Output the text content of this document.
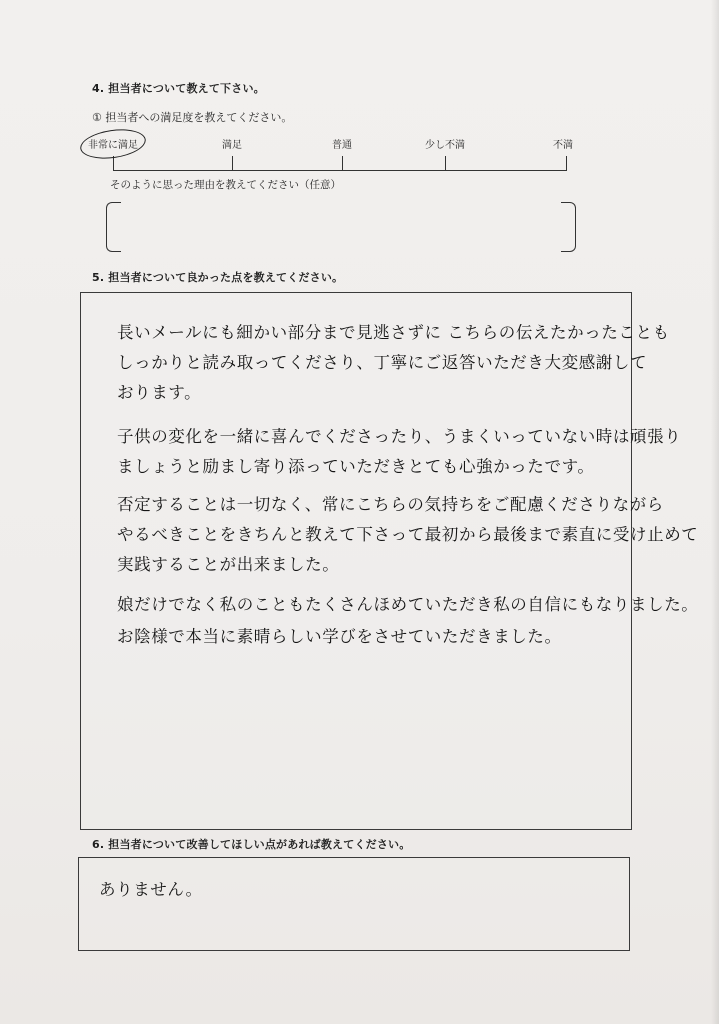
4. 担当者について教えて下さい。
① 担当者への満足度を教えてください。
非常に満足	満足	普通	少し不満	不満
そのように思った理由を教えてください（任意）
5. 担当者について良かった点を教えてください。
長いメールにも細かい部分まで見逃さずに こちらの伝えたかったことも
しっかりと読み取ってくださり、丁寧にご返答いただき大変感謝して
おります。
子供の変化を一緒に喜んでくださったり、うまくいっていない時は頑張り
ましょうと励まし寄り添っていただきとても心強かったです。
否定することは一切なく、常にこちらの気持ちをご配慮くださりながら
やるべきことをきちんと教えて下さって最初から最後まで素直に受け止めて
実践することが出来ました。
娘だけでなく私のこともたくさんほめていただき私の自信にもなりました。
お陰様で本当に素晴らしい学びをさせていただきました。
6. 担当者について改善してほしい点があれば教えてください。
ありません。
